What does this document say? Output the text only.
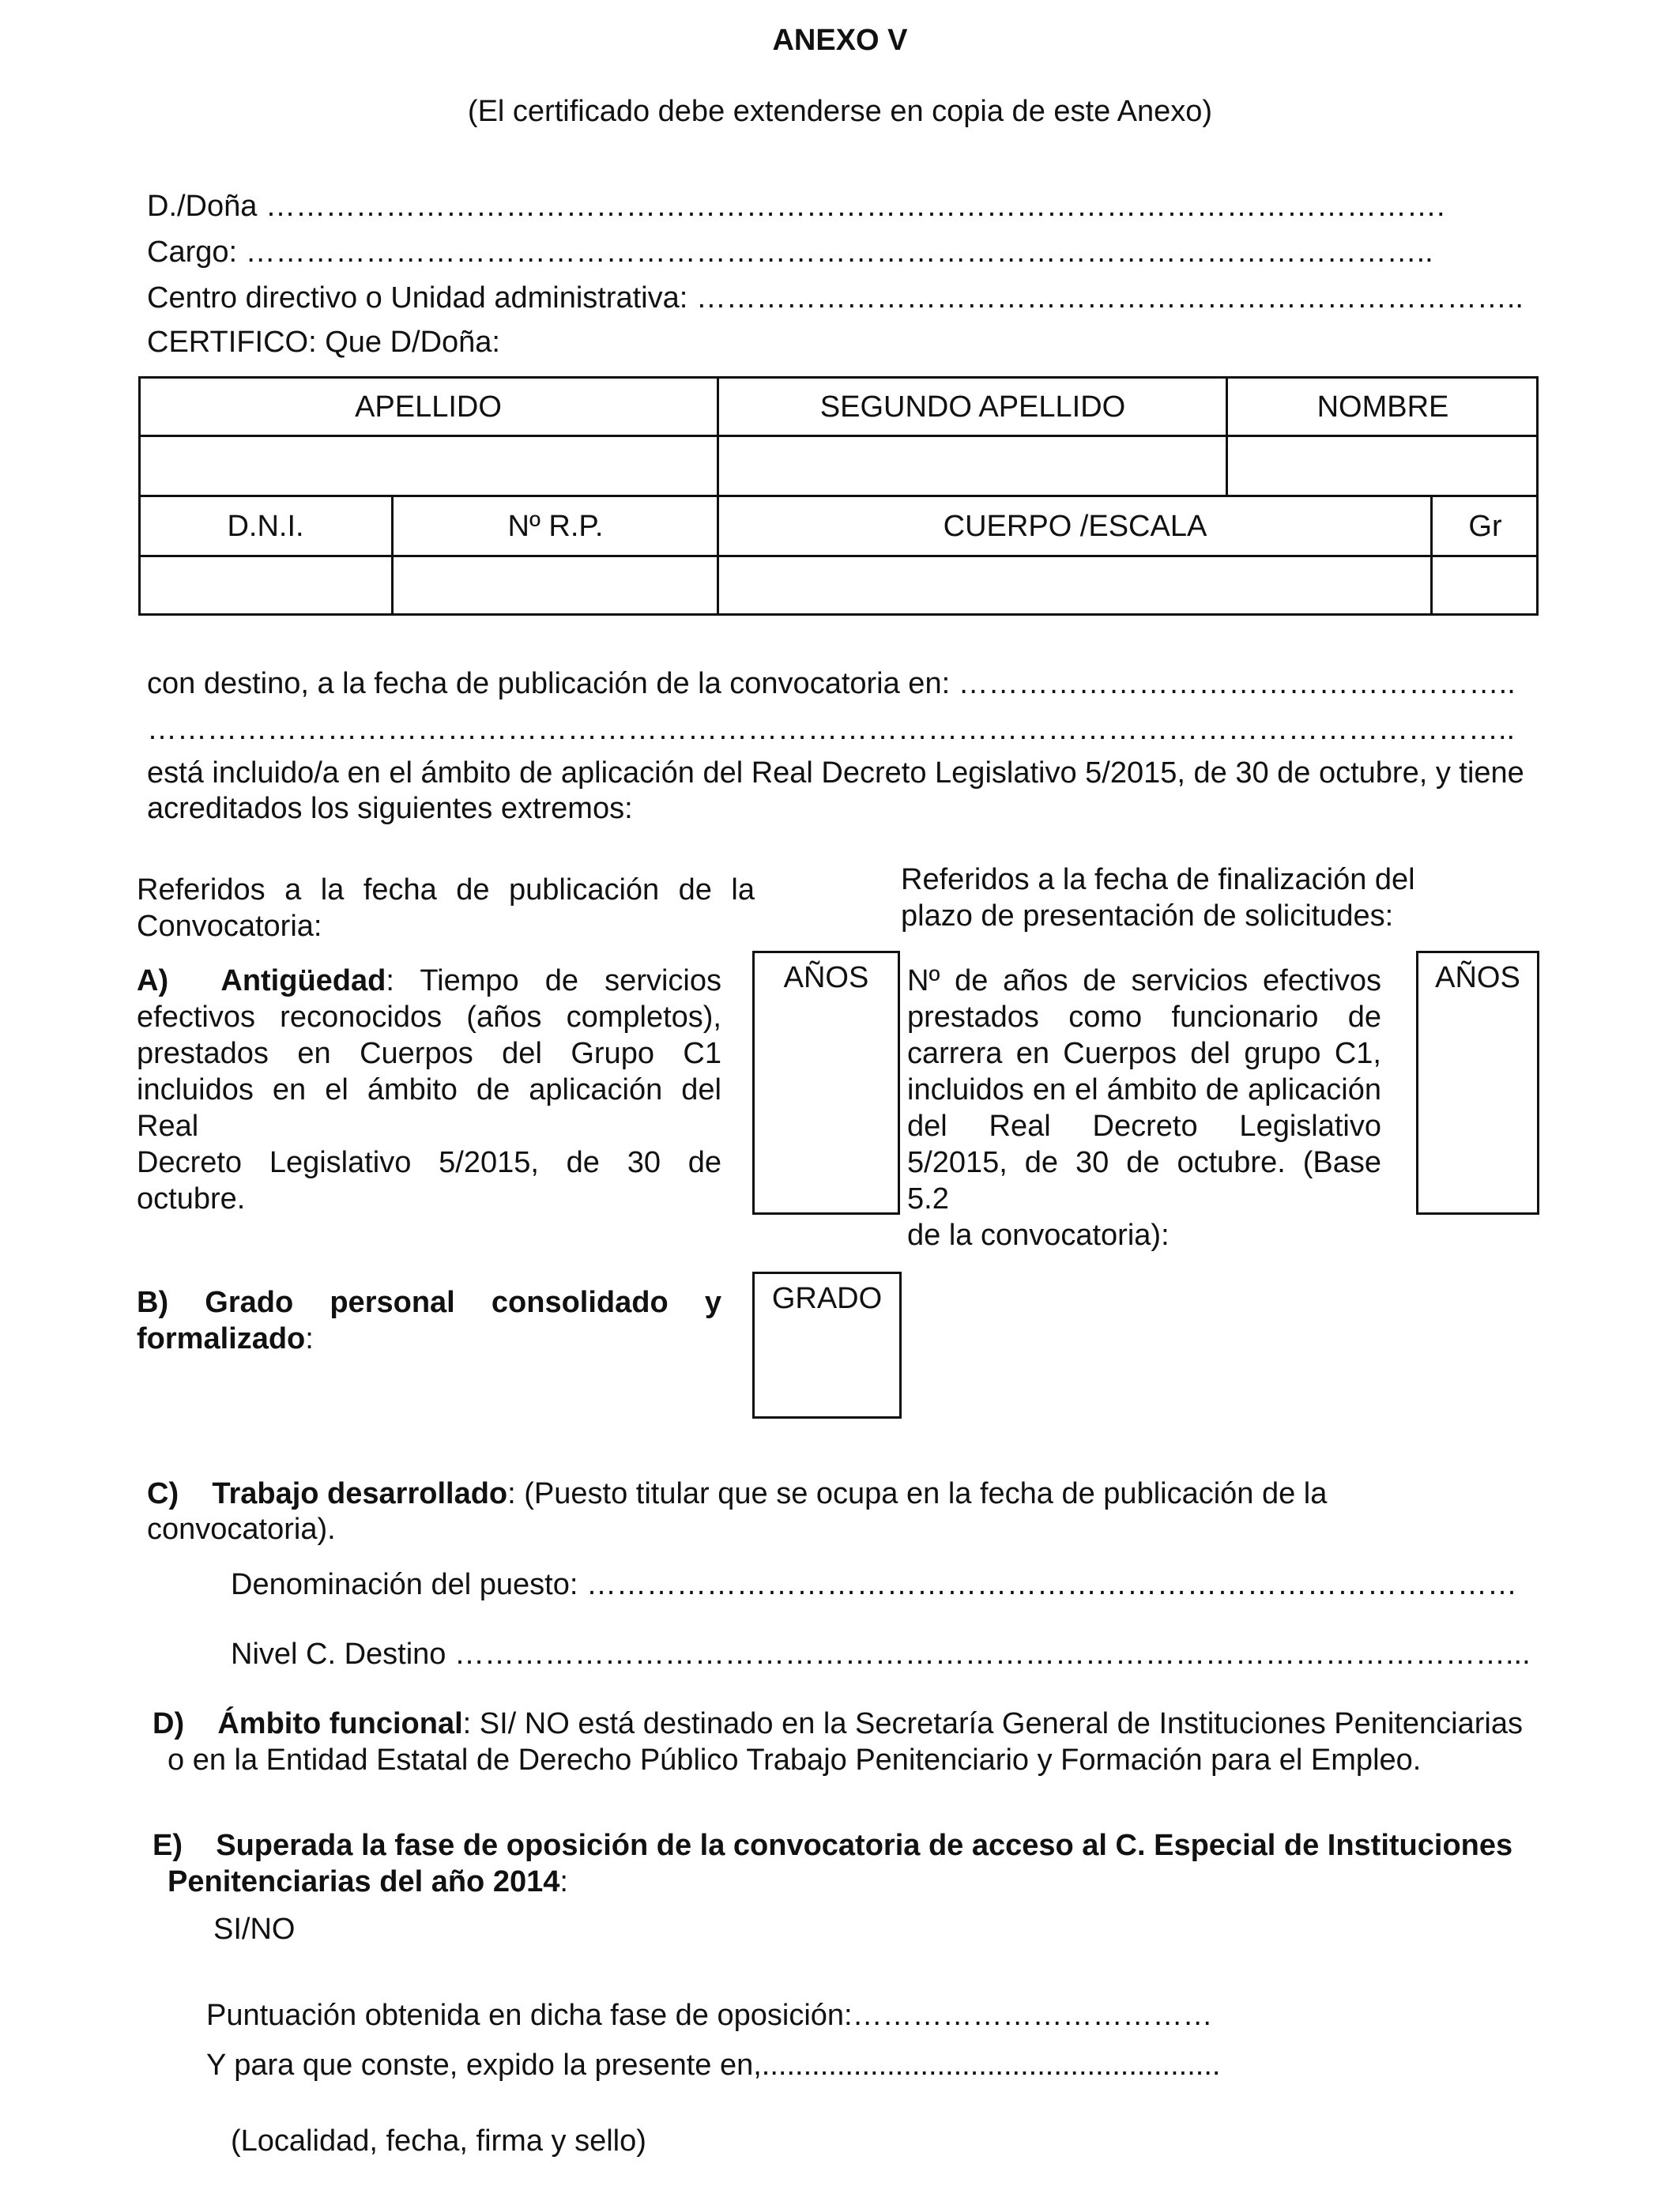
ANEXO V
(El certificado debe extenderse en copia de este Anexo)
D./Doña ……………………………………………………………………………………………………….
Cargo: ………………………………………………………………………………………………………..
Centro directivo o Unidad administrativa: ………………………………………………………………………..
CERTIFICO: Que D/Doña:
APELLIDO	SEGUNDO APELLIDO	NOMBRE
D.N.I.	Nº R.P.	CUERPO /ESCALA	Gr
con destino, a la fecha de publicación de la convocatoria en: ………………………………………………..
………………………………………………………………………………………………………………………..
está incluido/a en el ámbito de aplicación del Real Decreto Legislativo 5/2015, de 30 de octubre, y tiene
acreditados los siguientes extremos:
Referidos a la fecha de publicación de la
Convocatoria:
Referidos a la fecha de finalización del
plazo de presentación de solicitudes:
A) Antigüedad: Tiempo de servicios
efectivos reconocidos (años completos),
prestados en Cuerpos del Grupo C1
incluidos en el ámbito de aplicación del Real
Decreto Legislativo 5/2015, de 30 de
octubre.
AÑOS	Nº de años de servicios efectivos
prestados como funcionario de
carrera en Cuerpos del grupo C1,
incluidos en el ámbito de aplicación
del Real Decreto Legislativo
5/2015, de 30 de octubre. (Base 5.2
de la convocatoria):
AÑOS
B) Grado personal consolidado y
formalizado:
GRADO
C) Trabajo desarrollado: (Puesto titular que se ocupa en la fecha de publicación de la
convocatoria).
Denominación del puesto: …………………………………………………………………………………
Nivel C. Destino ……………………………………………………………………………………………...
D) Ámbito funcional: SI/ NO está destinado en la Secretaría General de Instituciones Penitenciarias
o en la Entidad Estatal de Derecho Público Trabajo Penitenciario y Formación para el Empleo.
E) Superada la fase de oposición de la convocatoria de acceso al C. Especial de Instituciones
Penitenciarias del año 2014:
SI/NO
Puntuación obtenida en dicha fase de oposición:………………………………
Y para que conste, expido la presente en,.......................................................
(Localidad, fecha, firma y sello)
